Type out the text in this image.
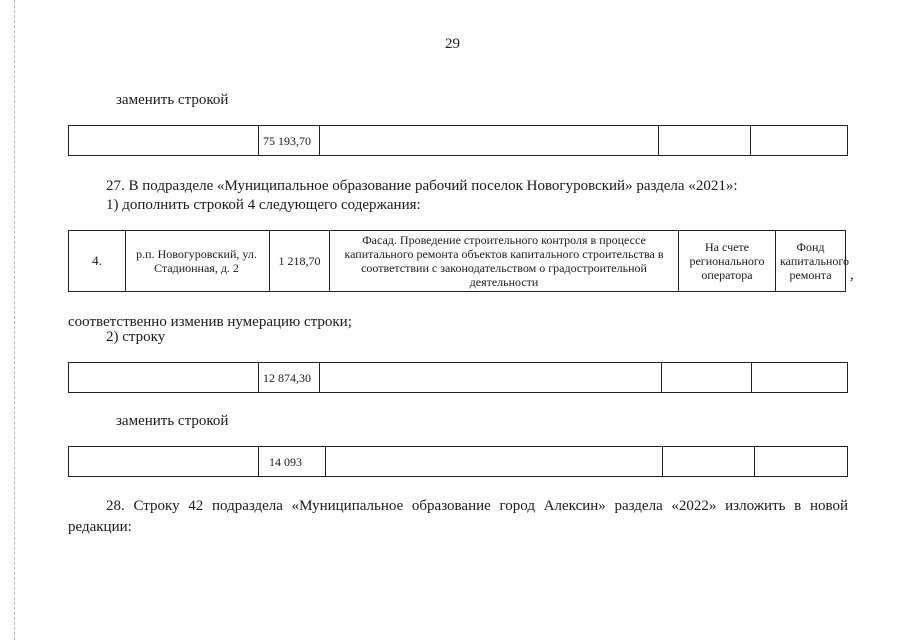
29
заменить строкой
	75 193,70			
27. В подразделе «Муниципальное образование рабочий поселок Новогуровский» раздела «2021»:
1) дополнить строкой 4 следующего содержания:
4.	р.п. Новогуровский, ул. Стадионная, д. 2	1 218,70	Фасад. Проведение строительного контроля в процессе капитального ремонта объектов капитального строительства в соответствии с законодательством о градостроительной деятельности	На счете регионального оператора	Фонд капитального ремонта ,
соответственно изменив нумерацию строки;
2) строку
	12 874,30			
заменить строкой
	14 093			
28. Строку 42 подраздела «Муниципальное образование город Алексин» раздела «2022» изложить в новой редакции:
